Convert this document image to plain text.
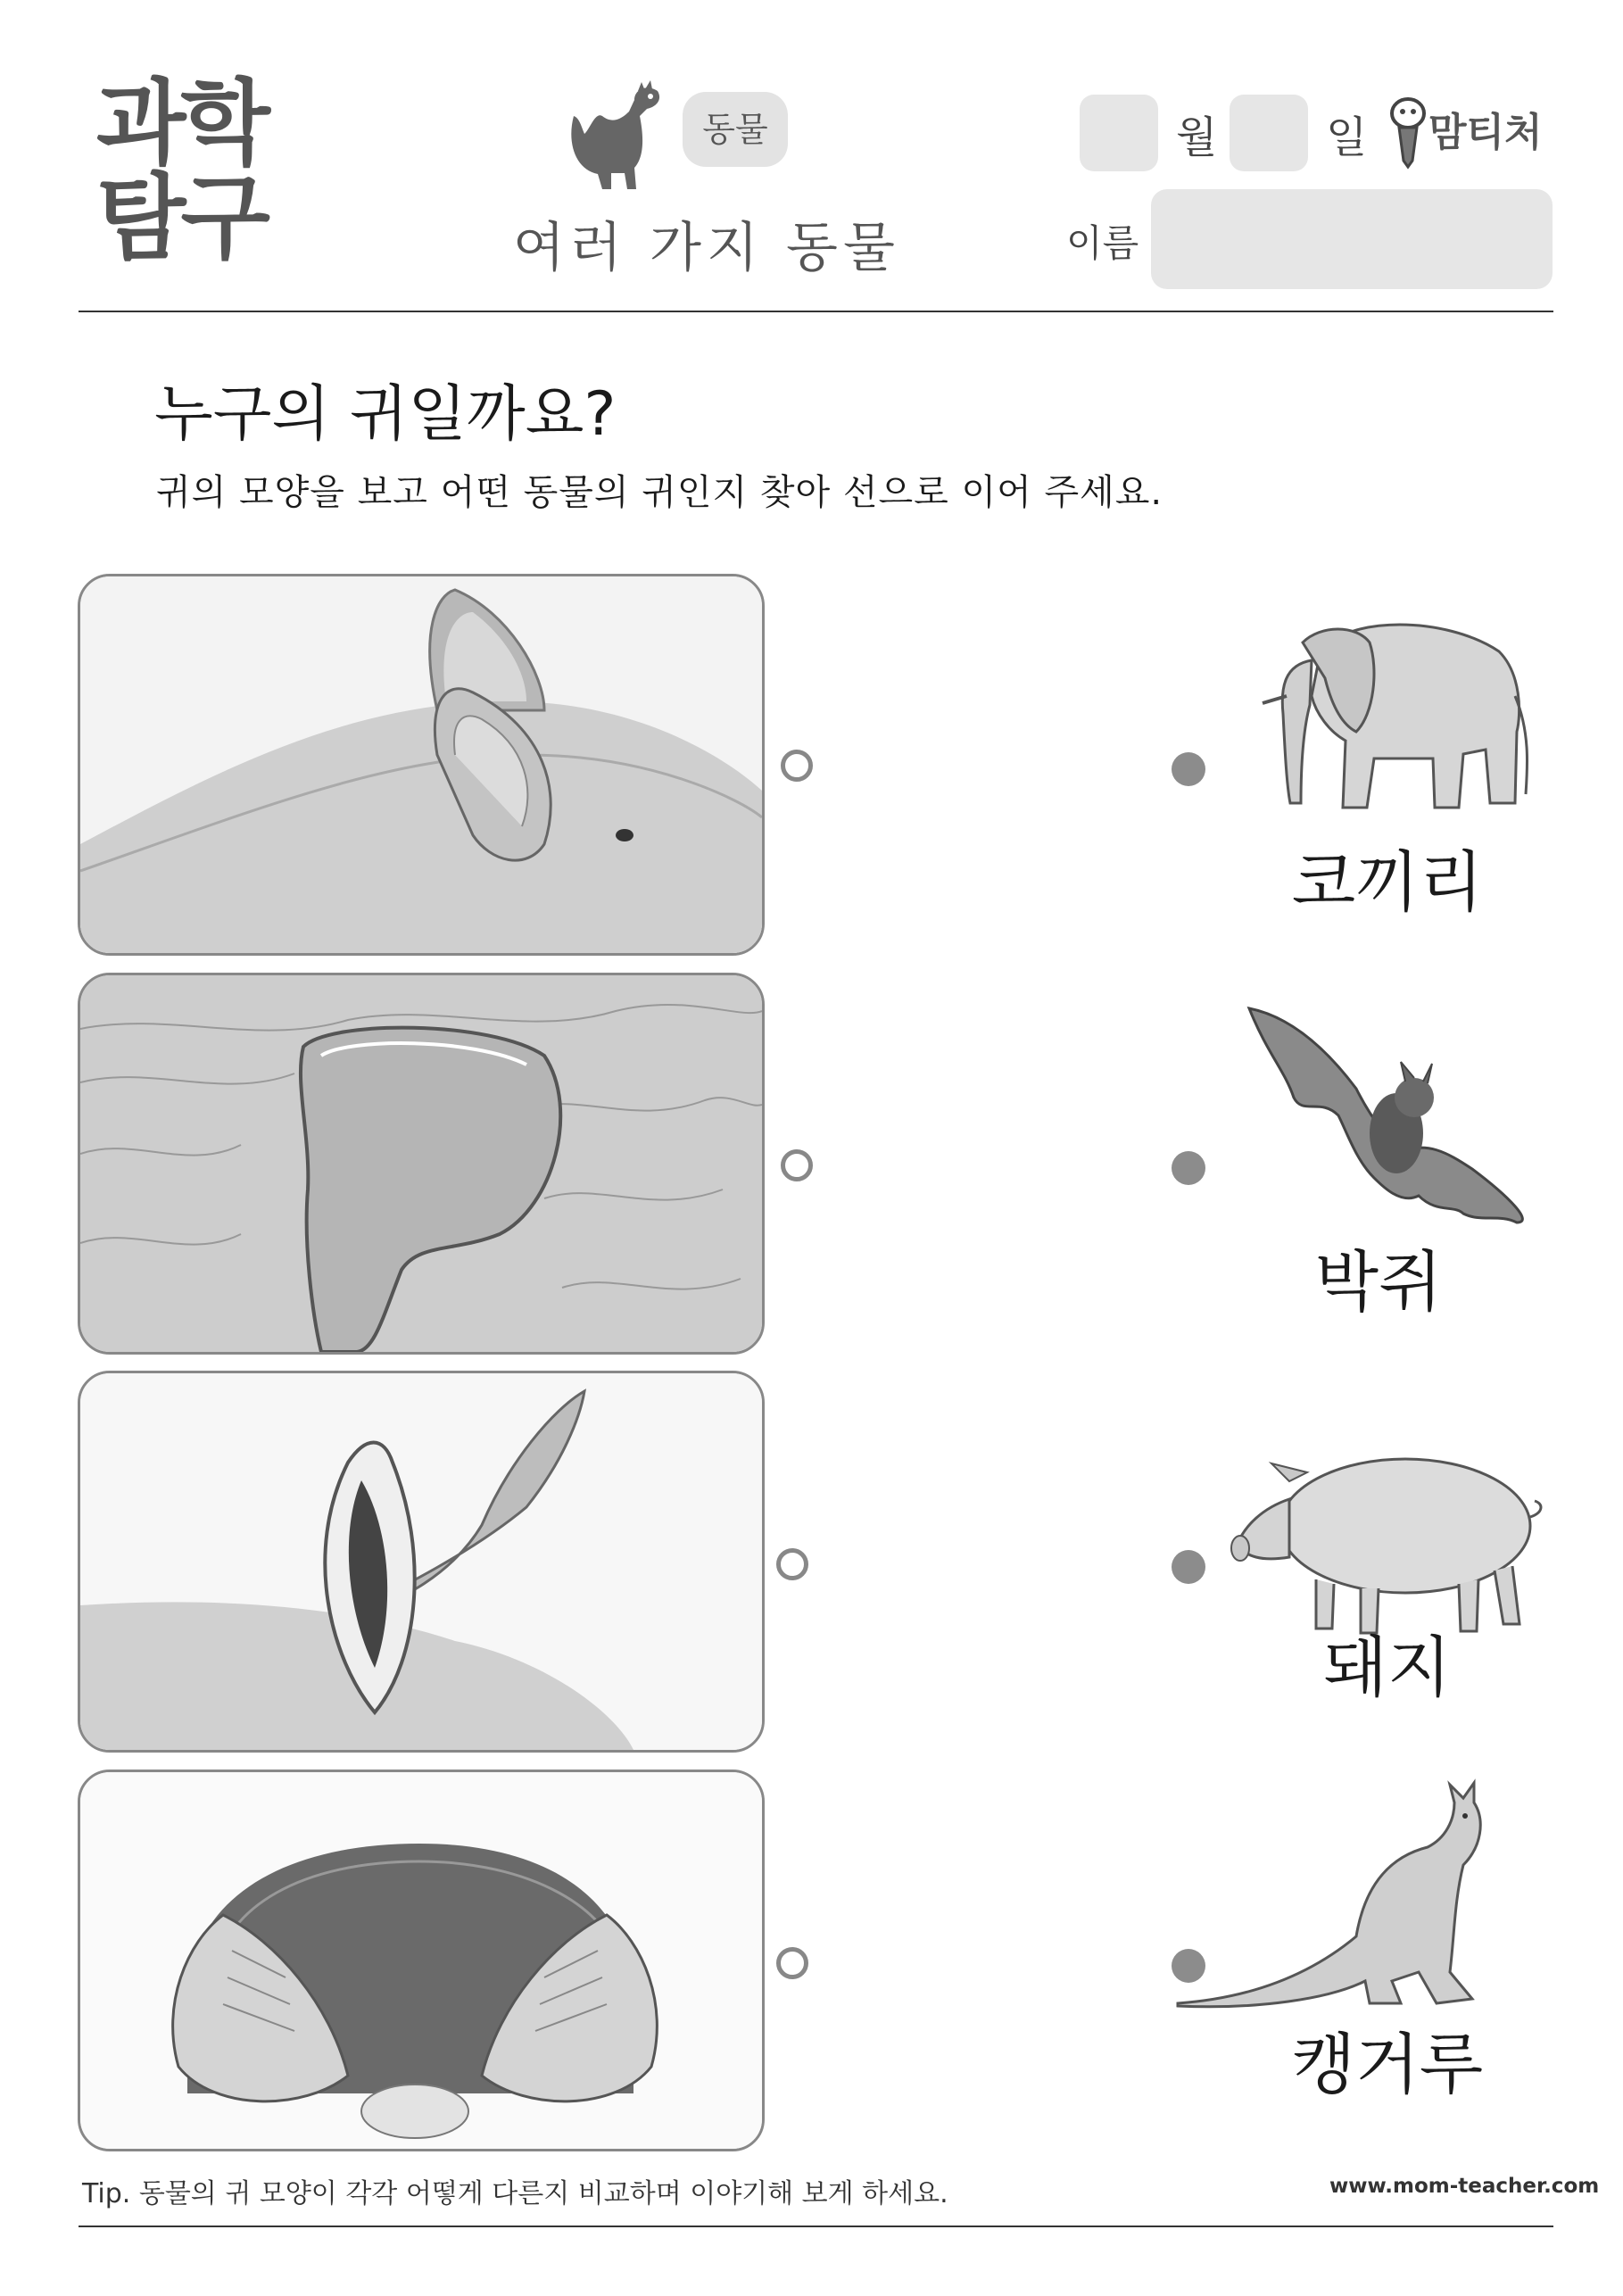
과학
탐구
동물
여러 가지 동물
월	일 맘티처
이름
누구의 귀일까요?
귀의 모양을 보고 어떤 동물의 귀인지 찾아 선으로 이어 주세요.
코끼리
박쥐
돼지
캥거루
Tip. 동물의 귀 모양이 각각 어떻게 다른지 비교하며 이야기해 보게 하세요.	www.mom-teacher.com
